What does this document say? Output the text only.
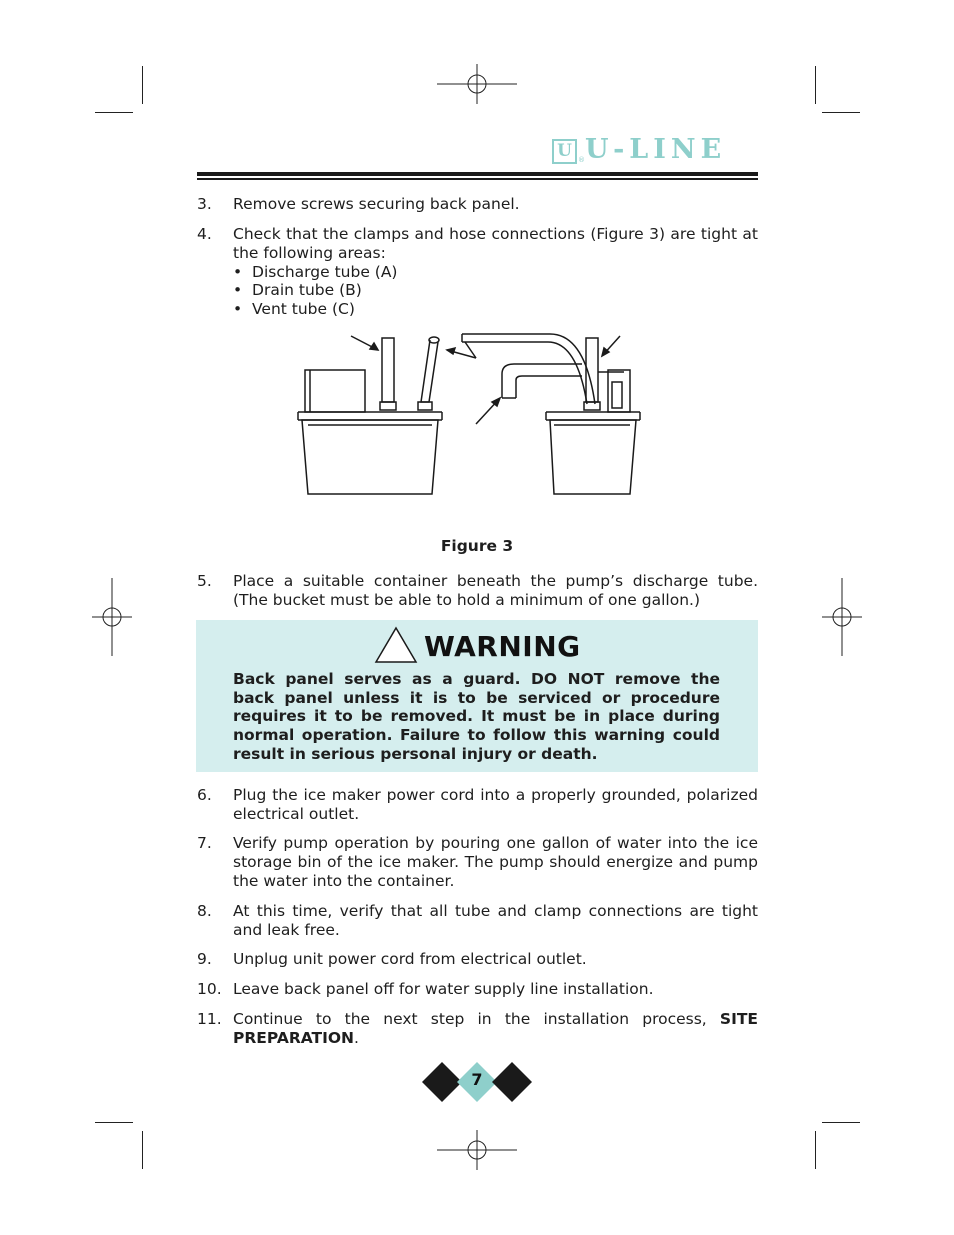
U ® U-LINE
3. Remove screws securing back panel.
4. Check that the clamps and hose connections (Figure 3) are tight at the following areas:
• Discharge tube (A)
• Drain tube (B)
• Vent tube (C)
Figure 3
5. Place a suitable container beneath the pump’s discharge tube. (The bucket must be able to hold a minimum of one gallon.)
WARNING
Back panel serves as a guard. DO NOT remove the back panel unless it is to be serviced or procedure requires it to be removed. It must be in place during normal operation. Failure to follow this warning could result in serious personal injury or death.
6. Plug the ice maker power cord into a properly grounded, polarized electrical outlet.
7. Verify pump operation by pouring one gallon of water into the ice storage bin of the ice maker. The pump should energize and pump the water into the container.
8. At this time, verify that all tube and clamp connections are tight and leak free.
9. Unplug unit power cord from electrical outlet.
10. Leave back panel off for water supply line installation.
11. Continue to the next step in the installation process, SITE PREPARATION.
7
